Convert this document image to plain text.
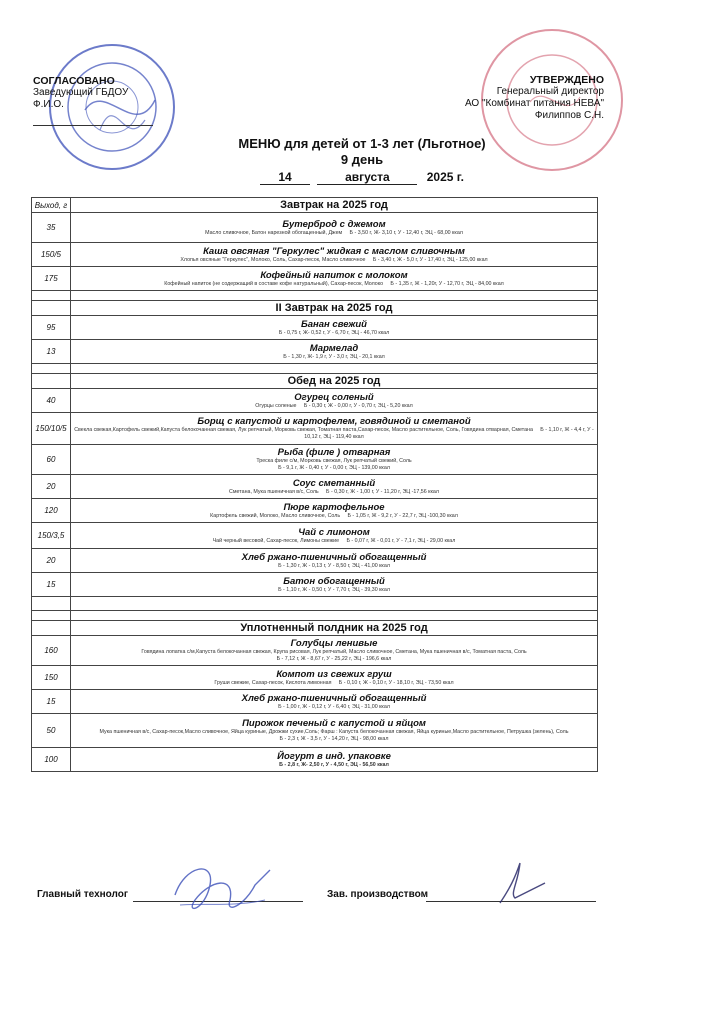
СОГЛАСОВАНО
Заведующий ГБДОУ
Ф.И.О.
УТВЕРЖДЕНО
Генеральный директор
АО "Комбинат питания НЕВА"
Филиппов С.Н.
МЕНЮ для детей от 1-3 лет (Льготное)
9 день
14	августа	2025 г.
Выход, г	Завтрак на 2025 год
35	Бутерброд с джемом
Масло сливочное, Батон нарезной обогащенный, Джем Б - 3,50 г, Ж- 3,10 г, У - 12,40 г, ЭЦ - 68,00 ккал

150/5	Каша овсяная "Геркулес" жидкая с маслом сливочным
Хлопья овсяные "Геркулес", Молоко, Соль, Сахар-песок, Масло сливочное Б - 3,40 г, Ж - 5,0 г, У - 17,40 г, ЭЦ - 125,00 ккал

175	Кофейный напиток с молоком
Кофейный напиток (не содержащий в составе кофе натуральный), Сахар-песок, Молоко Б - 1,35 г, Ж - 1,20г, У - 12,70 г, ЭЦ - 84,00 ккал

	II Завтрак на 2025 год
95	Банан свежий
Б - 0,75 г, Ж- 0,52 г, У - 6,70 г, ЭЦ - 46,70 ккал

13	Мармелад
Б - 1,30 г, Ж- 1,9 г, У - 3,0 г, ЭЦ - 20,1 ккал

	Обед на 2025 год
40	Огурец соленый
Огурцы соленые Б - 0,30 г, Ж - 0,00 г, У - 0,70 г, ЭЦ - 5,20 ккал

150/10/5	Борщ с капустой и картофелем, говядиной и сметаной
Свекла свежая,Картофель свежий,Капуста белокочанная свежая, Лук репчатый, Морковь свежая, Томатная паста,Сахар-песок, Масло растительное, Соль, Говядина отварная, Сметана Б - 1,10 г, Ж - 4,4 г, У - 10,12 г, ЭЦ - 119,40 ккал

60	Рыба (филе ) отварная
Треска филе с/м, Морковь свежая, Лук репчатый свежий, Соль
Б - 9,1 г, Ж - 0,40 г, У - 0,00 г, ЭЦ - 139,00 ккал

20	Соус сметанный
Сметана, Мука пшеничная в/с, Соль Б - 0,30 г, Ж - 1,00 г, У - 11,20 г, ЭЦ -17,56 ккал

120	Пюре картофельное
Картофель свежий, Молоко, Масло сливочное, Соль Б - 1,05 г, Ж - 9,2 г, У - 22,7 г, ЭЦ -100,30 ккал

150/3,5	Чай с лимоном
Чай черный весовой, Сахар-песок, Лимоны свежие Б - 0,07 г, Ж - 0,01 г, У - 7,1 г, ЭЦ - 29,00 ккал

20	Хлеб ржано-пшеничный обогащенный
Б - 1,30 г, Ж - 0,13 г, У - 8,50 г, ЭЦ - 41,00 ккал

15	Батон обогащенный
Б - 1,10 г, Ж - 0,50 г, У - 7,70 г, ЭЦ - 39,30 ккал

	Уплотненный полдник на 2025 год
160	Голубцы ленивые
Говядина лопатка с/м,Капуста белокочанная свежая, Крупа рисовая, Лук репчатый, Масло сливочное, Сметана, Мука пшеничная в/с, Томатная паста, Соль
Б - 7,12 г, Ж - 8,67 г, У - 25,22 г, ЭЦ - 196,6 ккал

150	Компот из свежих груш
Груши свежие, Сахар-песок, Кислота лимонная Б - 0,10 г, Ж - 0,10 г, У - 18,10 г, ЭЦ - 73,50 ккал

15	Хлеб ржано-пшеничный обогащенный
Б - 1,00 г, Ж - 0,12 г, У - 6,40 г, ЭЦ - 31,00 ккал

50	Пирожок печеный с капустой и яйцом
Мука пшеничная в/с, Сахар-песок,Масло сливочное, Яйца куриные, Дрожжи сухие,Соль; Фарш : Капуста белокочанная свежая, Яйца куриные,Масло растительное, Петрушка (зелень), Соль
Б - 2,3 г, Ж - 3,5 г, У - 14,20 г, ЭЦ - 98,00 ккал

100	Йогурт в инд. упаковке
Б - 2,8 г, Ж- 2,50 г, У - 4,50 г, ЭЦ - 56,50 ккал
Главный технолог	Зав. производством
